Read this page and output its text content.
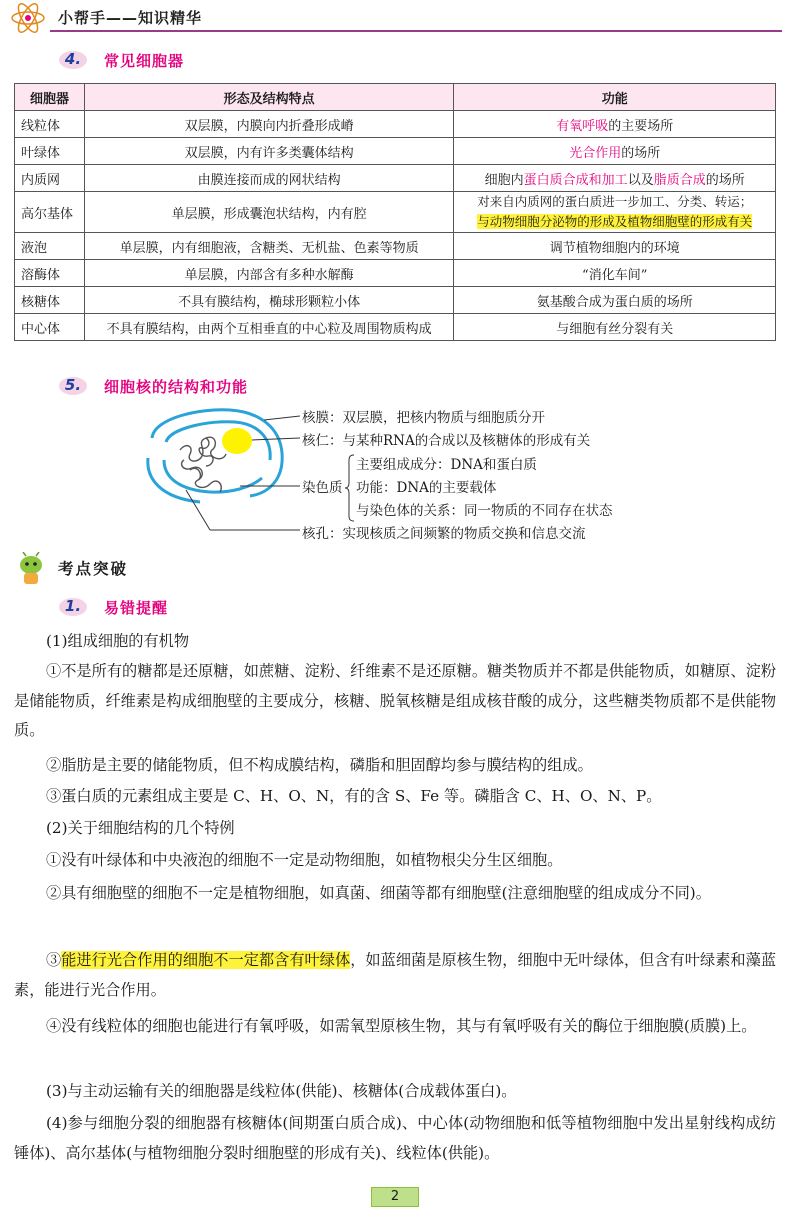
小帮手——知识精华
4.	常见细胞器
细胞器	形态及结构特点	功能
线粒体	双层膜，内膜向内折叠形成嵴	有氧呼吸的主要场所
叶绿体	双层膜，内有许多类囊体结构	光合作用的场所
内质网	由膜连接而成的网状结构	细胞内蛋白质合成和加工以及脂质合成的场所
高尔基体	单层膜，形成囊泡状结构，内有腔	对来自内质网的蛋白质进一步加工、分类、转运；
与动物细胞分泌物的形成及植物细胞壁的形成有关

液泡	单层膜，内有细胞液，含糖类、无机盐、色素等物质	调节植物细胞内的环境
溶酶体	单层膜，内部含有多种水解酶	“消化车间”
核糖体	不具有膜结构，椭球形颗粒小体	氨基酸合成为蛋白质的场所
中心体	不具有膜结构，由两个互相垂直的中心粒及周围物质构成	与细胞有丝分裂有关
5.	细胞核的结构和功能
核膜：双层膜，把核内物质与细胞质分开
核仁：与某种RNA的合成以及核糖体的形成有关
染色质
主要组成成分：DNA和蛋白质
功能：DNA的主要载体
与染色体的关系：同一物质的不同存在状态
核孔：实现核质之间频繁的物质交换和信息交流
考点突破
1.	易错提醒

(1)组成细胞的有机物

①不是所有的糖都是还原糖，如蔗糖、淀粉、纤维素不是还原糖。糖类物质并不都是供能物质，如糖原、淀粉是储能物质，纤维素是构成细胞壁的主要成分，核糖、脱氧核糖是组成核苷酸的成分，这些糖类物质都不是供能物质。

②脂肪是主要的储能物质，但不构成膜结构，磷脂和胆固醇均参与膜结构的组成。

③蛋白质的元素组成主要是 C、H、O、N，有的含 S、Fe 等。磷脂含 C、H、O、N、P。

(2)关于细胞结构的几个特例

①没有叶绿体和中央液泡的细胞不一定是动物细胞，如植物根尖分生区细胞。

②具有细胞壁的细胞不一定是植物细胞，如真菌、细菌等都有细胞壁(注意细胞壁的组成成分不同)。

③能进行光合作用的细胞不一定都含有叶绿体，如蓝细菌是原核生物，细胞中无叶绿体，但含有叶绿素和藻蓝素，能进行光合作用。

④没有线粒体的细胞也能进行有氧呼吸，如需氧型原核生物，其与有氧呼吸有关的酶位于细胞膜(质膜)上。

(3)与主动运输有关的细胞器是线粒体(供能)、核糖体(合成载体蛋白)。

(4)参与细胞分裂的细胞器有核糖体(间期蛋白质合成)、中心体(动物细胞和低等植物细胞中发出星射线构成纺锤体)、高尔基体(与植物细胞分裂时细胞壁的形成有关)、线粒体(供能)。

2
